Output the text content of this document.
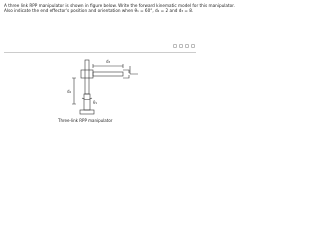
A three link RPP manipulator is shown in figure below. Write the forward kinematic model for this manipulator.
Also indicate the end effector's position and orientation when θ₁ = 60°, d₂ = 2 and d₃ = 8.
d₃
d₂
θ₁
Three-link RPP manipulator
